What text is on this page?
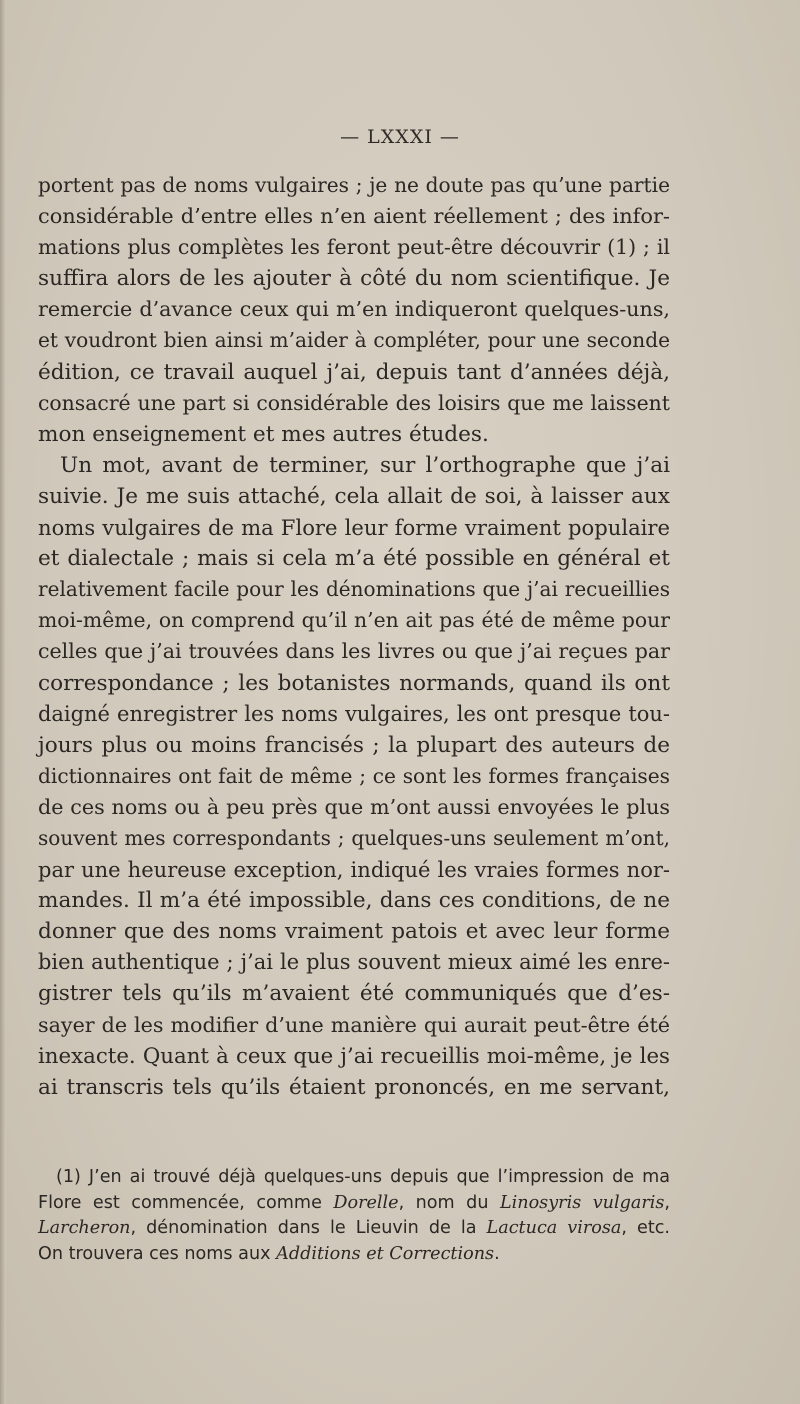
— LXXXI —
portent pas de noms vulgaires ; je ne doute pas qu’une partie
considérable d’entre elles n’en aient réellement ; des infor-
mations plus complètes les feront peut-être découvrir (1) ; il
suffira alors de les ajouter à côté du nom scientifique. Je
remercie d’avance ceux qui m’en indiqueront quelques-uns,
et voudront bien ainsi m’aider à compléter, pour une seconde
édition, ce travail auquel j’ai, depuis tant d’années déjà,
consacré une part si considérable des loisirs que me laissent
mon enseignement et mes autres études.
Un mot, avant de terminer, sur l’orthographe que j’ai
suivie. Je me suis attaché, cela allait de soi, à laisser aux
noms vulgaires de ma Flore leur forme vraiment populaire
et dialectale ; mais si cela m’a été possible en général et
relativement facile pour les dénominations que j’ai recueillies
moi-même, on comprend qu’il n’en ait pas été de même pour
celles que j’ai trouvées dans les livres ou que j’ai reçues par
correspondance ; les botanistes normands, quand ils ont
daigné enregistrer les noms vulgaires, les ont presque tou-
jours plus ou moins francisés ; la plupart des auteurs de
dictionnaires ont fait de même ; ce sont les formes françaises
de ces noms ou à peu près que m’ont aussi envoyées le plus
souvent mes correspondants ; quelques-uns seulement m’ont,
par une heureuse exception, indiqué les vraies formes nor-
mandes. Il m’a été impossible, dans ces conditions, de ne
donner que des noms vraiment patois et avec leur forme
bien authentique ; j’ai le plus souvent mieux aimé les enre-
gistrer tels qu’ils m’avaient été communiqués que d’es-
sayer de les modifier d’une manière qui aurait peut-être été
inexacte. Quant à ceux que j’ai recueillis moi-même, je les
ai transcris tels qu’ils étaient prononcés, en me servant,
(1) J’en ai trouvé déjà quelques-uns depuis que l’impression de ma
Flore est commencée, comme Dorelle, nom du Linosyris vulgaris,
Larcheron, dénomination dans le Lieuvin de la Lactuca virosa, etc.
On trouvera ces noms aux Additions et Corrections.
